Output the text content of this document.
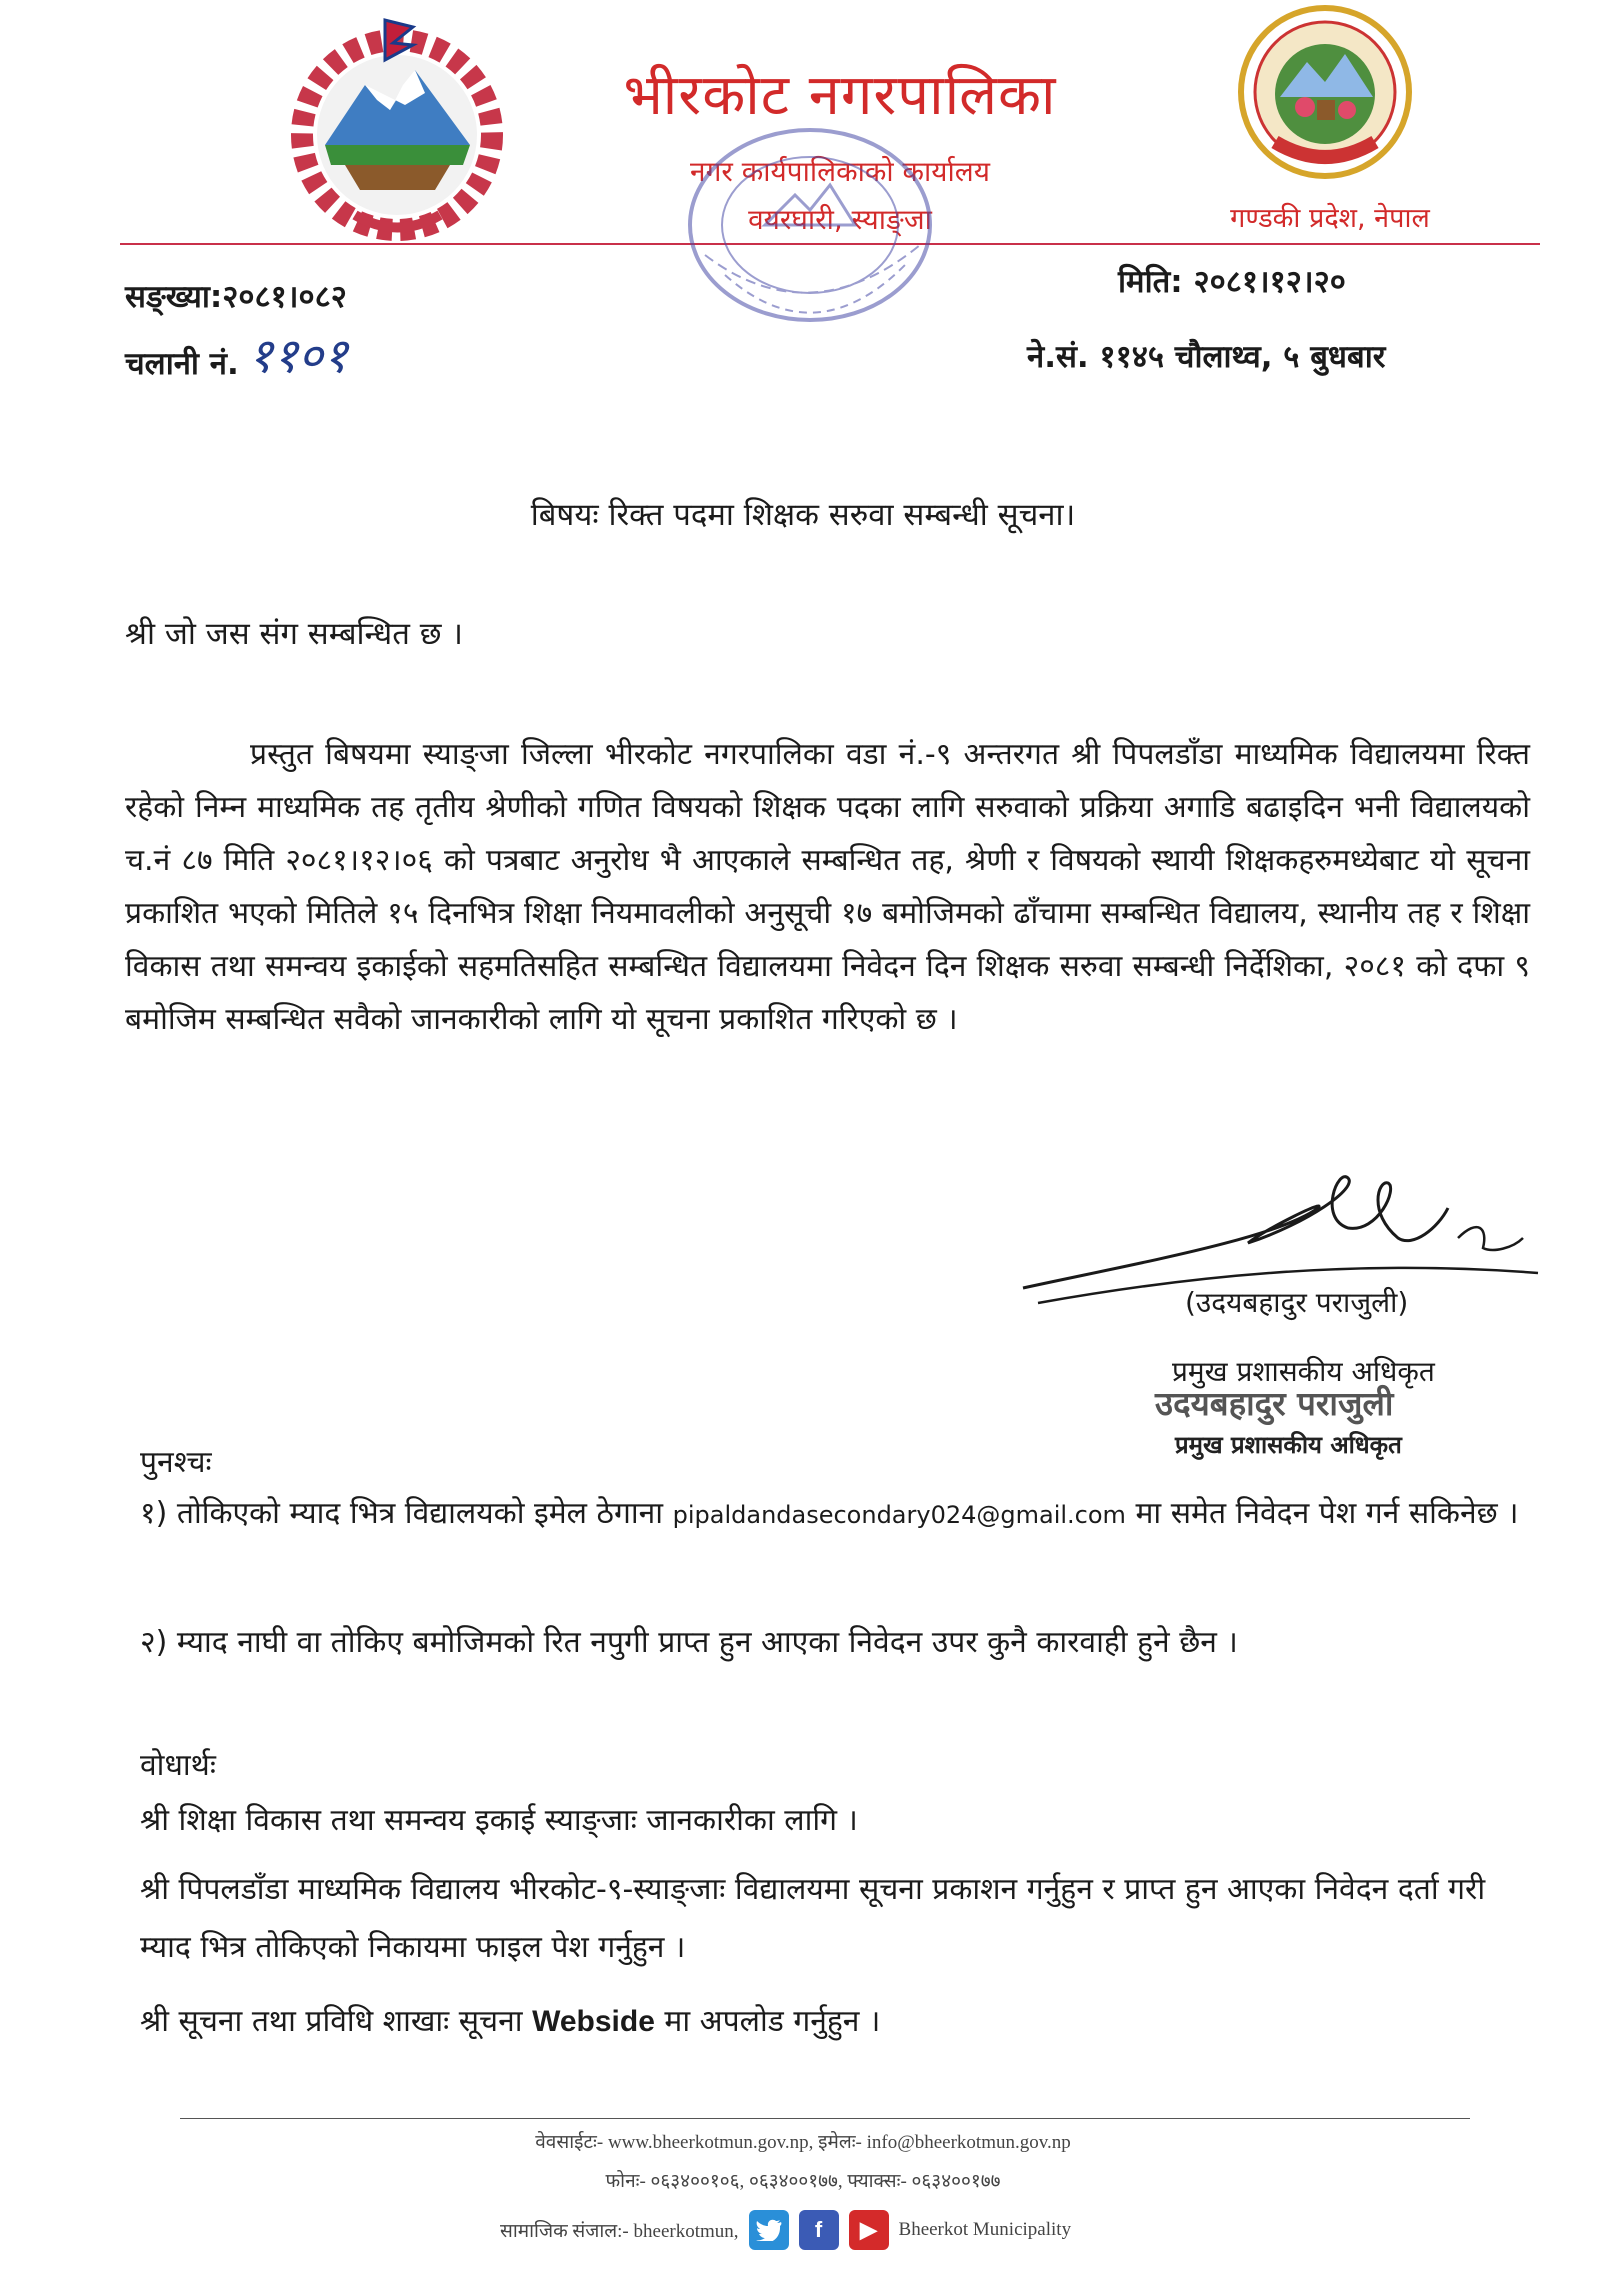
भीरकोट नगरपालिका
नगर कार्यपालिकाको कार्यालय
वयरघारी, स्याङ्जा	गण्डकी प्रदेश, नेपाल
सङ्ख्या:२०८१।०८२
चलानी नं. ११०१
मिति: २०८१।१२।२०
ने.सं. ११४५ चौलाथ्व, ५ बुधबार
बिषयः रिक्त पदमा शिक्षक सरुवा सम्बन्धी सूचना।
श्री जो जस संग सम्बन्धित छ ।
प्रस्तुत बिषयमा स्याङ्जा जिल्ला भीरकोट नगरपालिका वडा नं.-९ अन्तरगत श्री पिपलडाँडा माध्यमिक विद्यालयमा रिक्त रहेको निम्न माध्यमिक तह तृतीय श्रेणीको गणित विषयको शिक्षक पदका लागि सरुवाको प्रक्रिया अगाडि बढाइदिन भनी विद्यालयको च.नं ८७ मिति २०८१।१२।०६ को पत्रबाट अनुरोध भै आएकाले सम्बन्धित तह, श्रेणी र विषयको स्थायी शिक्षकहरुमध्येबाट यो सूचना प्रकाशित भएको मितिले १५ दिनभित्र शिक्षा नियमावलीको अनुसूची १७ बमोजिमको ढाँचामा सम्बन्धित विद्यालय, स्थानीय तह र शिक्षा विकास तथा समन्वय इकाईको सहमतिसहित सम्बन्धित विद्यालयमा निवेदन दिन शिक्षक सरुवा सम्बन्धी निर्देशिका, २०८१ को दफा ९ बमोजिम सम्बन्धित सवैको जानकारीको लागि यो सूचना प्रकाशित गरिएको छ ।
(उदयबहादुर पराजुली)
प्रमुख प्रशासकीय अधिकृत
उदयबहादुर पराजुली
प्रमुख प्रशासकीय अधिकृत
पुनश्चः
१) तोकिएको म्याद भित्र विद्यालयको इमेल ठेगाना pipaldandasecondary024@gmail.com मा समेत निवेदन पेश गर्न सकिनेछ ।
२) म्याद नाघी वा तोकिए बमोजिमको रित नपुगी प्राप्त हुन आएका निवेदन उपर कुनै कारवाही हुने छैन ।
वोधार्थः
श्री शिक्षा विकास तथा समन्वय इकाई स्याङ्जाः जानकारीका लागि ।
श्री पिपलडाँडा माध्यमिक विद्यालय भीरकोट-९-स्याङ्जाः विद्यालयमा सूचना प्रकाशन गर्नुहुन र प्राप्त हुन आएका निवेदन दर्ता गरी म्याद भित्र तोकिएको निकायमा फाइल पेश गर्नुहुन ।
श्री सूचना तथा प्रविधि शाखाः सूचना Webside मा अपलोड गर्नुहुन ।
वेवसाईटः- www.bheerkotmun.gov.np, इमेलः- info@bheerkotmun.gov.np
फोनः- ०६३४००१०६, ०६३४००१७७, फ्याक्सः- ०६३४००१७७
सामाजिक संजाल:- bheerkotmun,	f	▶	Bheerkot Municipality
